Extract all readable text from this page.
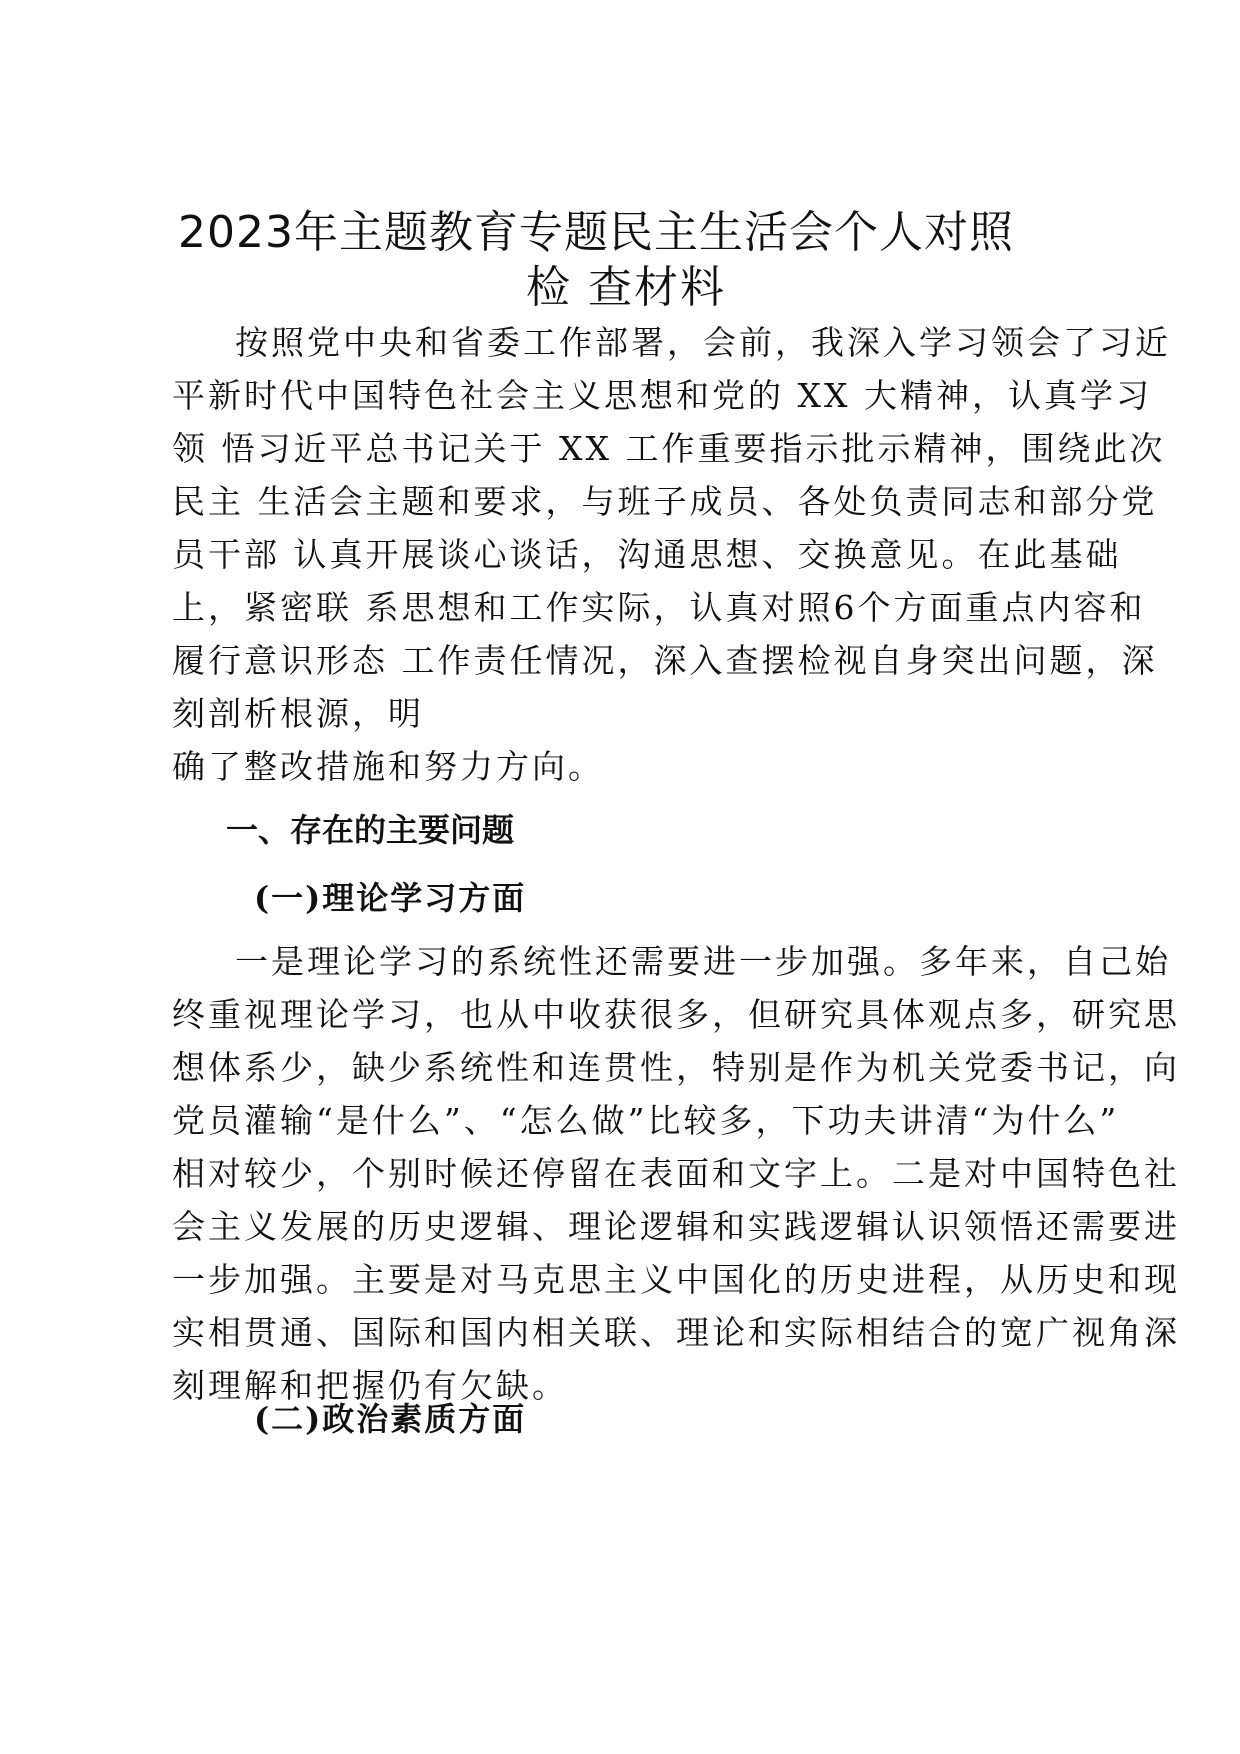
2023年主题教育专题民主生活会个人对照
检 查材料
按照党中央和省委工作部署，会前，我深入学习领会了习近
平新时代中国特色社会主义思想和党的 XX 大精神，认真学习
领 悟习近平总书记关于 XX 工作重要指示批示精神，围绕此次
民主 生活会主题和要求，与班子成员、各处负责同志和部分党
员干部 认真开展谈心谈话，沟通思想、交换意见。在此基础
上，紧密联 系思想和工作实际，认真对照6个方面重点内容和
履行意识形态 工作责任情况，深入查摆检视自身突出问题，深
刻剖析根源，明
确了整改措施和努力方向。
一、存在的主要问题
(一)理论学习方面
一是理论学习的系统性还需要进一步加强。多年来，自己始
终重视理论学习，也从中收获很多，但研究具体观点多，研究思
想体系少，缺少系统性和连贯性，特别是作为机关党委书记，向
党员灌输“是什么”、“怎么做”比较多，下功夫讲清“为什么”
相对较少，个别时候还停留在表面和文字上。二是对中国特色社
会主义发展的历史逻辑、理论逻辑和实践逻辑认识领悟还需要进
一步加强。主要是对马克思主义中国化的历史进程，从历史和现
实相贯通、国际和国内相关联、理论和实际相结合的宽广视角深
刻理解和把握仍有欠缺。
(二)政治素质方面
